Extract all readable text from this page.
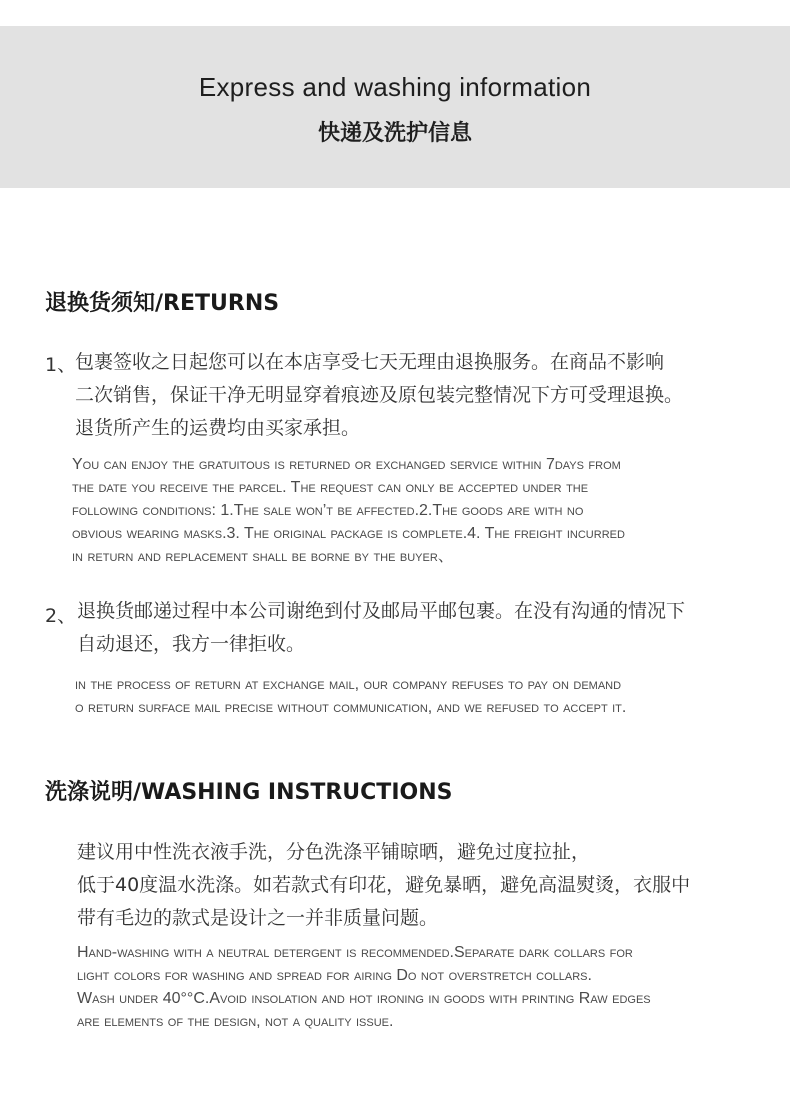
Express and washing information
快递及洗护信息
退换货须知/RETURNS
1、
包裹签收之日起您可以在本店享受七天无理由退换服务。在商品不影响
二次销售，保证干净无明显穿着痕迹及原包装完整情况下方可受理退换。
退货所产生的运费均由买家承担。
You can enjoy the gratuitous is returned or exchanged service within 7days from
the date you receive the parcel. The request can only be accepted under the
following conditions: 1.The sale won’t be affected.2.The goods are with no
obvious wearing masks.3. The original package is complete.4. The freight incurred
in return and replacement shall be borne by the buyer、
2、 退换货邮递过程中本公司谢绝到付及邮局平邮包裹。在没有沟通的情况下
自动退还，我方一律拒收。
in the process of return at exchange mail, our company refuses to pay on demand
o return surface mail precise without communication, and we refused to accept it.
洗涤说明/WASHING INSTRUCTIONS
建议用中性洗衣液手洗，分色洗涤平铺晾晒，避免过度拉扯，
低于40度温水洗涤。如若款式有印花，避免暴晒，避免高温熨烫，衣服中
带有毛边的款式是设计之一并非质量问题。
Hand-washing with a neutral detergent is recommended.Separate dark collars for
light colors for washing and spread for airing Do not overstretch collars.
Wash under 40°°C.Avoid insolation and hot ironing in goods with printing Raw edges
are elements of the design, not a quality issue.
